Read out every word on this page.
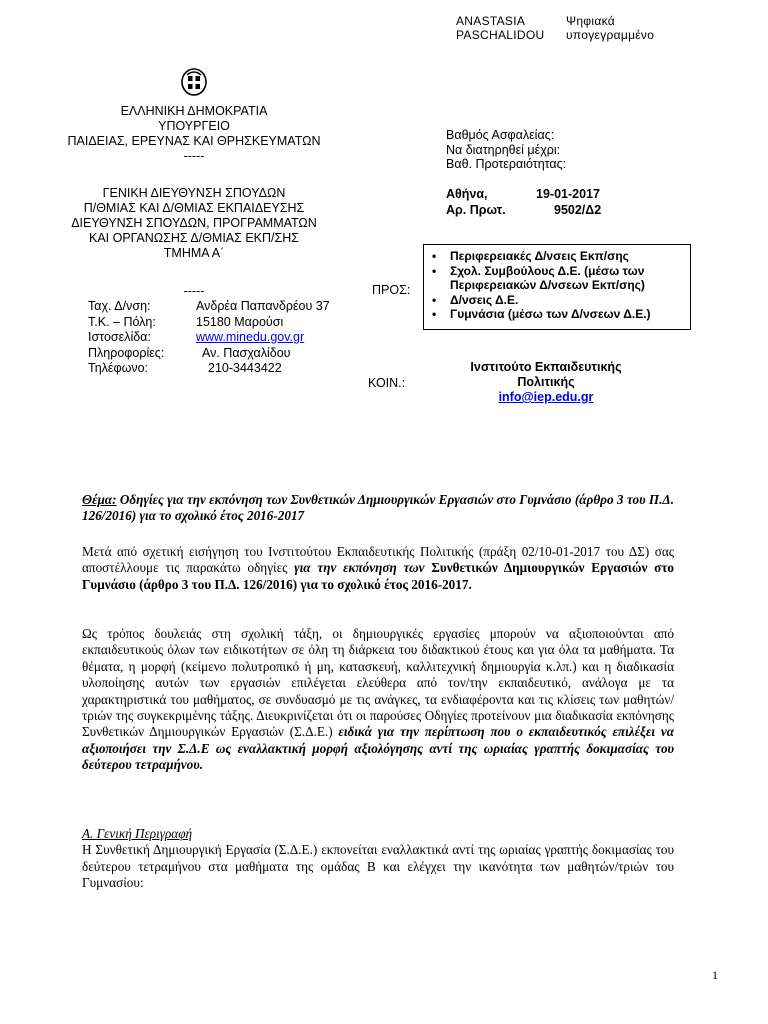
ANASTASIA
PASCHALIDOU
Ψηφιακά
υπογεγραμμένο
ΕΛΛΗΝΙΚΗ ΔΗΜΟΚΡΑΤΙΑ
ΥΠΟΥΡΓΕΙΟ
ΠΑΙΔΕΙΑΣ, ΕΡΕΥΝΑΣ ΚΑΙ ΘΡΗΣΚΕΥΜΑΤΩΝ
-----
ΓΕΝΙΚΗ ΔΙΕΥΘΥΝΣΗ ΣΠΟΥΔΩΝ
Π/ΘΜΙΑΣ ΚΑΙ Δ/ΘΜΙΑΣ ΕΚΠΑΙΔΕΥΣΗΣ
ΔΙΕΥΘΥΝΣΗ ΣΠΟΥΔΩΝ, ΠΡΟΓΡΑΜΜΑΤΩΝ
ΚΑΙ ΟΡΓΑΝΩΣΗΣ Δ/ΘΜΙΑΣ ΕΚΠ/ΣΗΣ
ΤΜΗΜΑ Α΄
-----
Ταχ. Δ/νση:	Ανδρέα Παπανδρέου 37
Τ.Κ. – Πόλη:	15180 Μαρούσι
Ιστοσελίδα:	www.minedu.gov.gr
Πληροφορίες:	Αν. Πασχαλίδου
Τηλέφωνο:	210-3443422
Βαθμός Ασφαλείας:
Να διατηρηθεί μέχρι:
Βαθ. Προτεραιότητας:
Αθήνα,	19-01-2017
Αρ. Πρωτ.	9502/Δ2
ΠΡΟΣ:
• Περιφερειακές Δ/νσεις Εκπ/σης
• Σχολ. Συμβούλους Δ.Ε. (μέσω των Περιφερειακών Δ/νσεων Εκπ/σης)
• Δ/νσεις Δ.Ε.
• Γυμνάσια (μέσω των Δ/νσεων Δ.Ε.)
ΚΟΙΝ.:
Ινστιτούτο Εκπαιδευτικής
Πολιτικής
info@iep.edu.gr

Θέμα: Οδηγίες για την εκπόνηση των Συνθετικών Δημιουργικών Εργασιών στο Γυμνάσιο (άρθρο 3 του Π.Δ. 126/2016) για το σχολικό έτος 2016-2017

Μετά από σχετική εισήγηση του Ινστιτούτου Εκπαιδευτικής Πολιτικής (πράξη 02/10-01-2017 του ΔΣ) σας αποστέλλουμε τις παρακάτω οδηγίες για την εκπόνηση των Συνθετικών Δημιουργικών Εργασιών στο Γυμνάσιο (άρθρο 3 του Π.Δ. 126/2016) για το σχολικό έτος 2016-2017.

Ως τρόπος δουλειάς στη σχολική τάξη, οι δημιουργικές εργασίες μπορούν να αξιοποιούνται από εκπαιδευτικούς όλων των ειδικοτήτων σε όλη τη διάρκεια του διδακτικού έτους και για όλα τα μαθήματα. Τα θέματα, η μορφή (κείμενο πολυτροπικό ή μη, κατασκευή, καλλιτεχνική δημιουργία κ.λπ.) και η διαδικασία υλοποίησης αυτών των εργασιών επιλέγεται ελεύθερα από τον/την εκπαιδευτικό, ανάλογα με τα χαρακτηριστικά του μαθήματος, σε συνδυασμό με τις ανάγκες, τα ενδιαφέροντα και τις κλίσεις των μαθητών/τριών της συγκεκριμένης τάξης. Διευκρινίζεται ότι οι παρούσες Οδηγίες προτείνουν μια διαδικασία εκπόνησης Συνθετικών Δημιουργικών Εργασιών (Σ.Δ.Ε.) ειδικά για την περίπτωση που ο εκπαιδευτικός επιλέξει να αξιοποιήσει την Σ.Δ.Ε ως εναλλακτική μορφή αξιολόγησης αντί της ωριαίας γραπτής δοκιμασίας του δεύτερου τετραμήνου.

Α. Γενική Περιγραφή

Η Συνθετική Δημιουργική Εργασία (Σ.Δ.Ε.) εκπονείται εναλλακτικά αντί της ωριαίας γραπτής δοκιμασίας του δεύτερου τετραμήνου στα μαθήματα της ομάδας Β και ελέγχει την ικανότητα των μαθητών/τριών του Γυμνασίου:

1
